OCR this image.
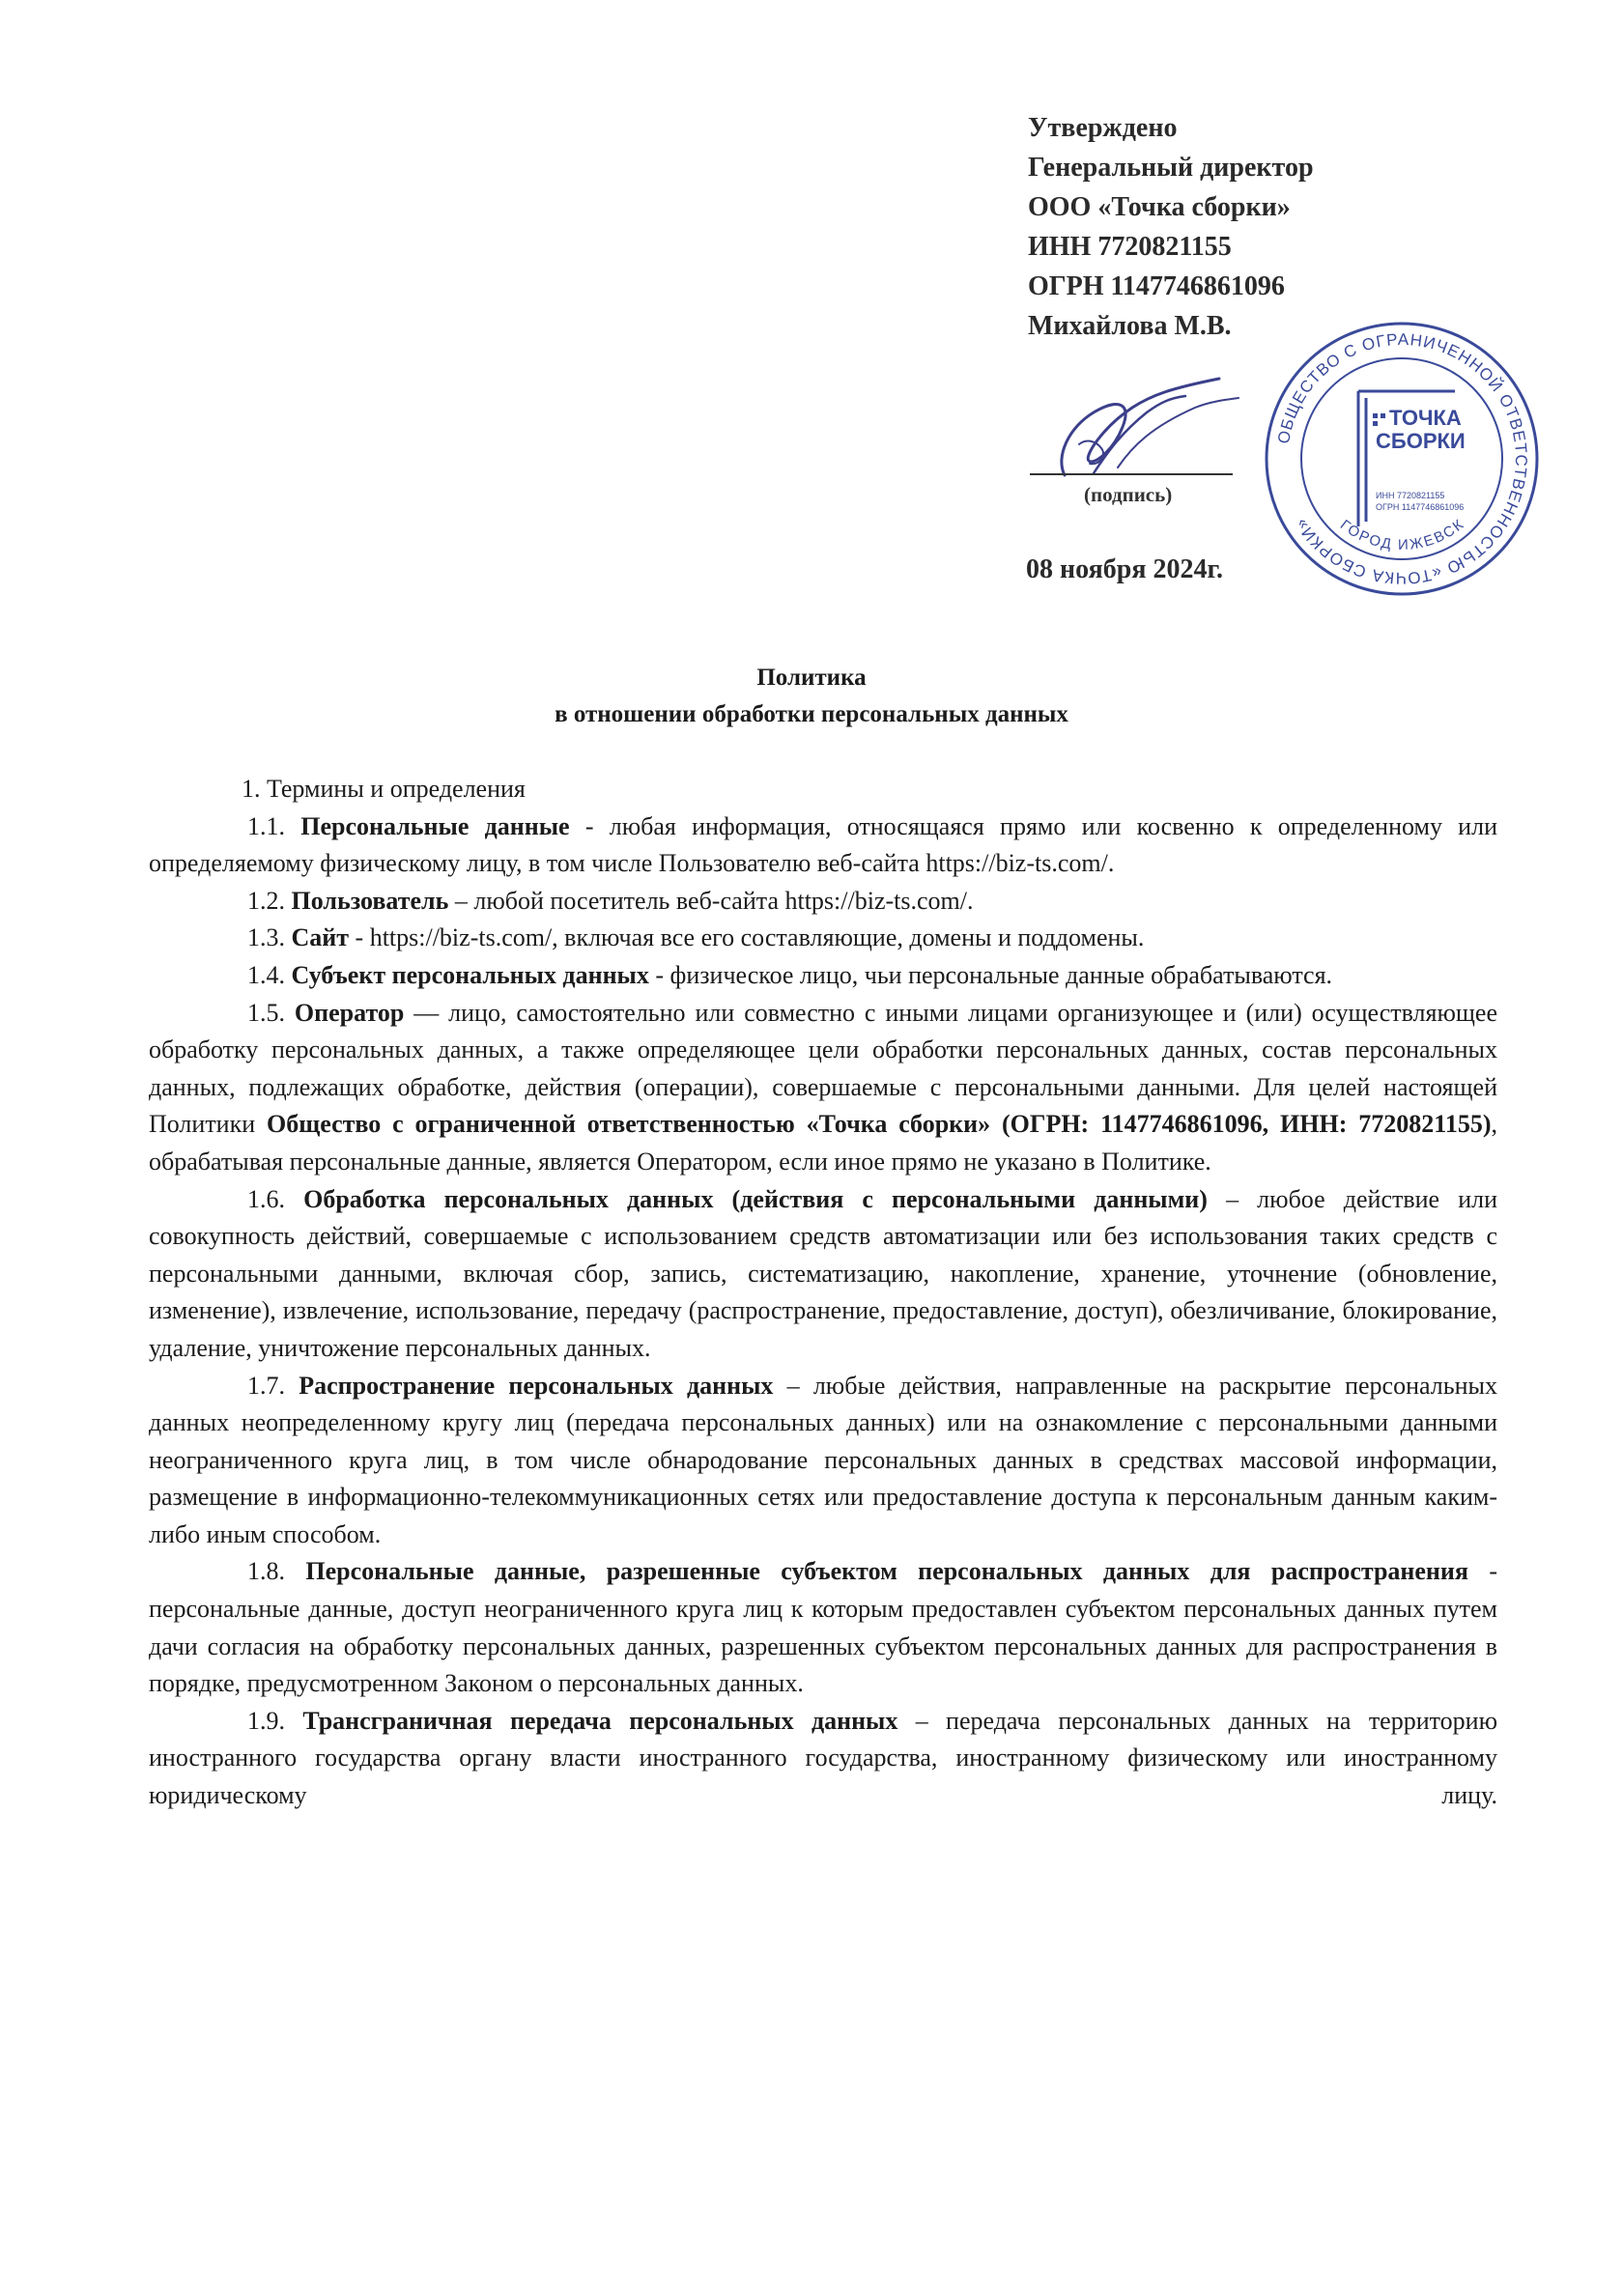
Утверждено
Генеральный директор
ООО «Точка сборки»
ИНН 7720821155
ОГРН 1147746861096
Михайлова М.В.
(подпись)
08 ноября 2024г.
ОБЩЕСТВО С ОГРАНИЧЕННОЙ ОТВЕТСТВЕННОСТЬЮ «ТОЧКА СБОРКИ»	ГОРОД ИЖЕВСК
ТОЧКА
СБОРКИ
ИНН 7720821155
ОГРН 1147746861096
Политика
в отношении обработки персональных данных
1. Термины и определения

1.1. Персональные данные - любая информация, относящаяся прямо или косвенно к определенному или определяемому физическому лицу, в том числе Пользователю веб-сайта https://biz-ts.com/.

1.2. Пользователь – любой посетитель веб-сайта https://biz-ts.com/.

1.3. Сайт - https://biz-ts.com/, включая все его составляющие, домены и поддомены.

1.4. Субъект персональных данных - физическое лицо, чьи персональные данные обрабатываются.

1.5. Оператор — лицо, самостоятельно или совместно с иными лицами организующее и (или) осуществляющее обработку персональных данных, а также определяющее цели обработки персональных данных, состав персональных данных, подлежащих обработке, действия (операции), совершаемые с персональными данными. Для целей настоящей Политики Общество с ограниченной ответственностью «Точка сборки» (ОГРН: 1147746861096, ИНН: 7720821155), обрабатывая персональные данные, является Оператором, если иное прямо не указано в Политике.

1.6. Обработка персональных данных (действия с персональными данными) – любое действие или совокупность действий, совершаемые с использованием средств автоматизации или без использования таких средств с персональными данными, включая сбор, запись, систематизацию, накопление, хранение, уточнение (обновление, изменение), извлечение, использование, передачу (распространение, предоставление, доступ), обезличивание, блокирование, удаление, уничтожение персональных данных.

1.7. Распространение персональных данных – любые действия, направленные на раскрытие персональных данных неопределенному кругу лиц (передача персональных данных) или на ознакомление с персональными данными неограниченного круга лиц, в том числе обнародование персональных данных в средствах массовой информации, размещение в информационно-телекоммуникационных сетях или предоставление доступа к персональным данным каким-либо иным способом.

1.8. Персональные данные, разрешенные субъектом персональных данных для распространения - персональные данные, доступ неограниченного круга лиц к которым предоставлен субъектом персональных данных путем дачи согласия на обработку персональных данных, разрешенных субъектом персональных данных для распространения в порядке, предусмотренном Законом о персональных данных.

1.9. Трансграничная передача персональных данных – передача персональных данных на территорию иностранного государства органу власти иностранного государства, иностранному физическому или иностранному юридическому лицу.
